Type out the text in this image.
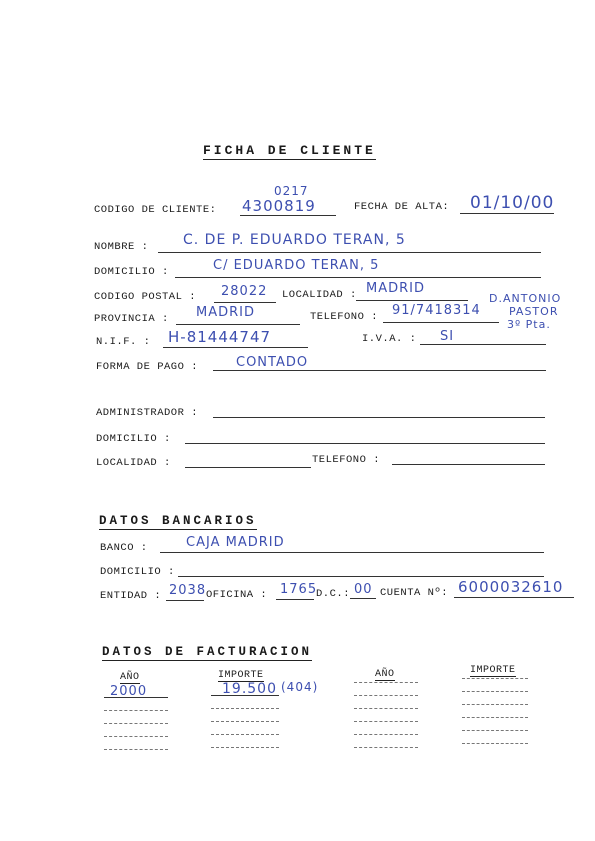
FICHA DE CLIENTE
CODIGO DE CLIENTE:
0217
4300819	FECHA DE ALTA: 01/10/00
NOMBRE : C. DE P. EDUARDO TERAN, 5
DOMICILIO :	C/ EDUARDO TERAN, 5
CODIGO POSTAL : 28022 LOCALIDAD : MADRID
D.ANTONIO
PASTOR
3º Pta.
PROVINCIA : MADRID	TELEFONO : 91/7418314
N.I.F. : H-81444747	I.V.A. : SI
FORMA DE PAGO :	CONTADO
ADMINISTRADOR :
DOMICILIO :
LOCALIDAD :	TELEFONO :
DATOS BANCARIOS
BANCO :	CAJA MADRID
DOMICILIO :
ENTIDAD : 2038 OFICINA : 1765
D.C.: 00 CUENTA Nº: 6000032610
DATOS DE FACTURACION
AÑO	IMPORTE	AÑO	IMPORTE
2000	19.500 (404)
